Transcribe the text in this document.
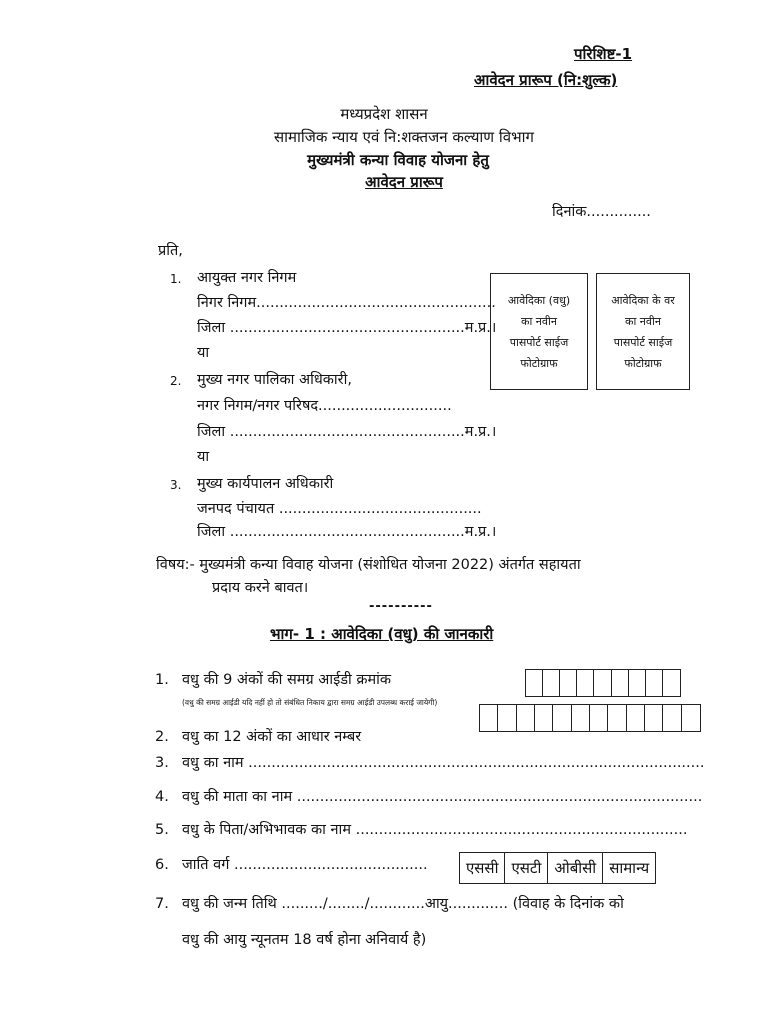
परिशिष्ट-1
आवेदन प्रारूप (नि:शुल्क)
मध्यप्रदेश शासन
सामाजिक न्याय एवं नि:शक्तजन कल्याण विभाग
मुख्यमंत्री कन्या विवाह योजना हेतु
आवेदन प्रारूप
दिनांक..............
प्रति,
1. आयुक्त नगर निगम
निगर निगम....................................................
जिला ...................................................म.प्र.।
या
2. मुख्य नगर पालिका अधिकारी,
नगर निगम/नगर परिषद.............................
जिला ...................................................म.प्र.।
या
3. मुख्य कार्यपालन अधिकारी
जनपद पंचायत ............................................
जिला ...................................................म.प्र.।
आवेदिका (वधु)
का नवीन
पासपोर्ट साईज
फोटोग्राफ
आवेदिका के वर
का नवीन
पासपोर्ट साईज
फोटोग्राफ
विषय:- मुख्यमंत्री कन्या विवाह योजना (संशोधित योजना 2022) अंतर्गत सहायता
प्रदाय करने बावत।
----------
भाग- 1 : आवेदिका (वधु) की जानकारी
1. वधु की 9 अंकों की समग्र आईडी क्रमांक
(वधु की समग्र आईडी यदि नहीं हो तो संबंधित निकाय द्वारा समग्र आईडी उपलब्ध कराई जायेगी)
2. वधु का 12 अंकों का आधार नम्बर
3. वधु का नाम ...................................................................................................
4. वधु की माता का नाम ........................................................................................
5. वधु के पिता/अभिभावक का नाम ........................................................................
6. जाति वर्ग ..........................................	एससी एसटी ओबीसी सामान्य
7. वधु की जन्म तिथि ........./......../............आयु............. (विवाह के दिनांक को
वधु की आयु न्यूनतम 18 वर्ष होना अनिवार्य है)
